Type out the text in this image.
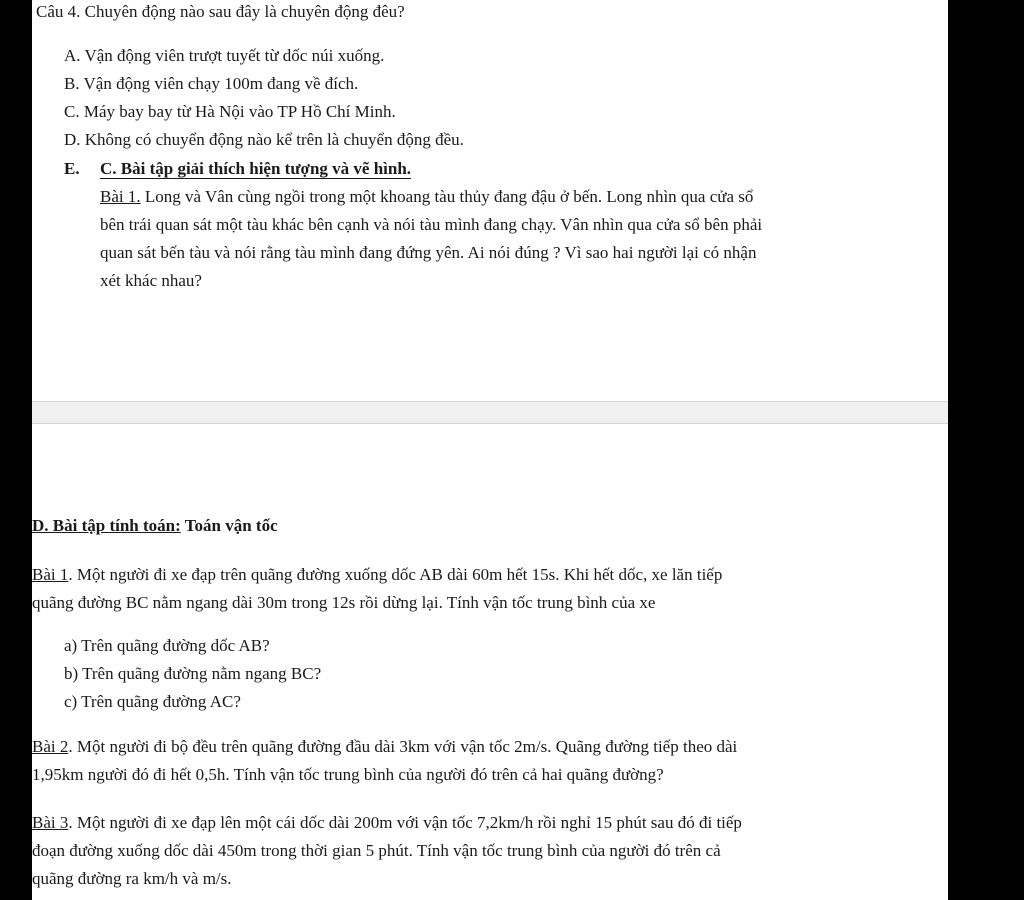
Câu 4. Chuyên động nào sau đây là chuyên động đêu?
A. Vận động viên trượt tuyết từ dốc núi xuống.
B. Vận động viên chạy 100m đang về đích.
C. Máy bay bay từ Hà Nội vào TP Hồ Chí Minh.
D. Không có chuyển động nào kể trên là chuyển động đều.
E. C. Bài tập giải thích hiện tượng và vẽ hình.
Bài 1. Long và Vân cùng ngồi trong một khoang tàu thủy đang đậu ở bến. Long nhìn qua cửa sổ
bên trái quan sát một tàu khác bên cạnh và nói tàu mình đang chạy. Vân nhìn qua cửa sổ bên phải
quan sát bến tàu và nói rằng tàu mình đang đứng yên. Ai nói đúng ? Vì sao hai người lại có nhận
xét khác nhau?
D. Bài tập tính toán: Toán vận tốc
Bài 1. Một người đi xe đạp trên quãng đường xuống dốc AB dài 60m hết 15s. Khi hết dốc, xe lăn tiếp
quãng đường BC nằm ngang dài 30m trong 12s rồi dừng lại. Tính vận tốc trung bình của xe
a) Trên quãng đường dốc AB?
b) Trên quãng đường nằm ngang BC?
c) Trên quãng đường AC?
Bài 2. Một người đi bộ đều trên quãng đường đầu dài 3km với vận tốc 2m/s. Quãng đường tiếp theo dài
1,95km người đó đi hết 0,5h. Tính vận tốc trung bình của người đó trên cả hai quãng đường?
Bài 3. Một người đi xe đạp lên một cái dốc dài 200m với vận tốc 7,2km/h rồi nghỉ 15 phút sau đó đi tiếp
đoạn đường xuống dốc dài 450m trong thời gian 5 phút. Tính vận tốc trung bình của người đó trên cả
quãng đường ra km/h và m/s.
